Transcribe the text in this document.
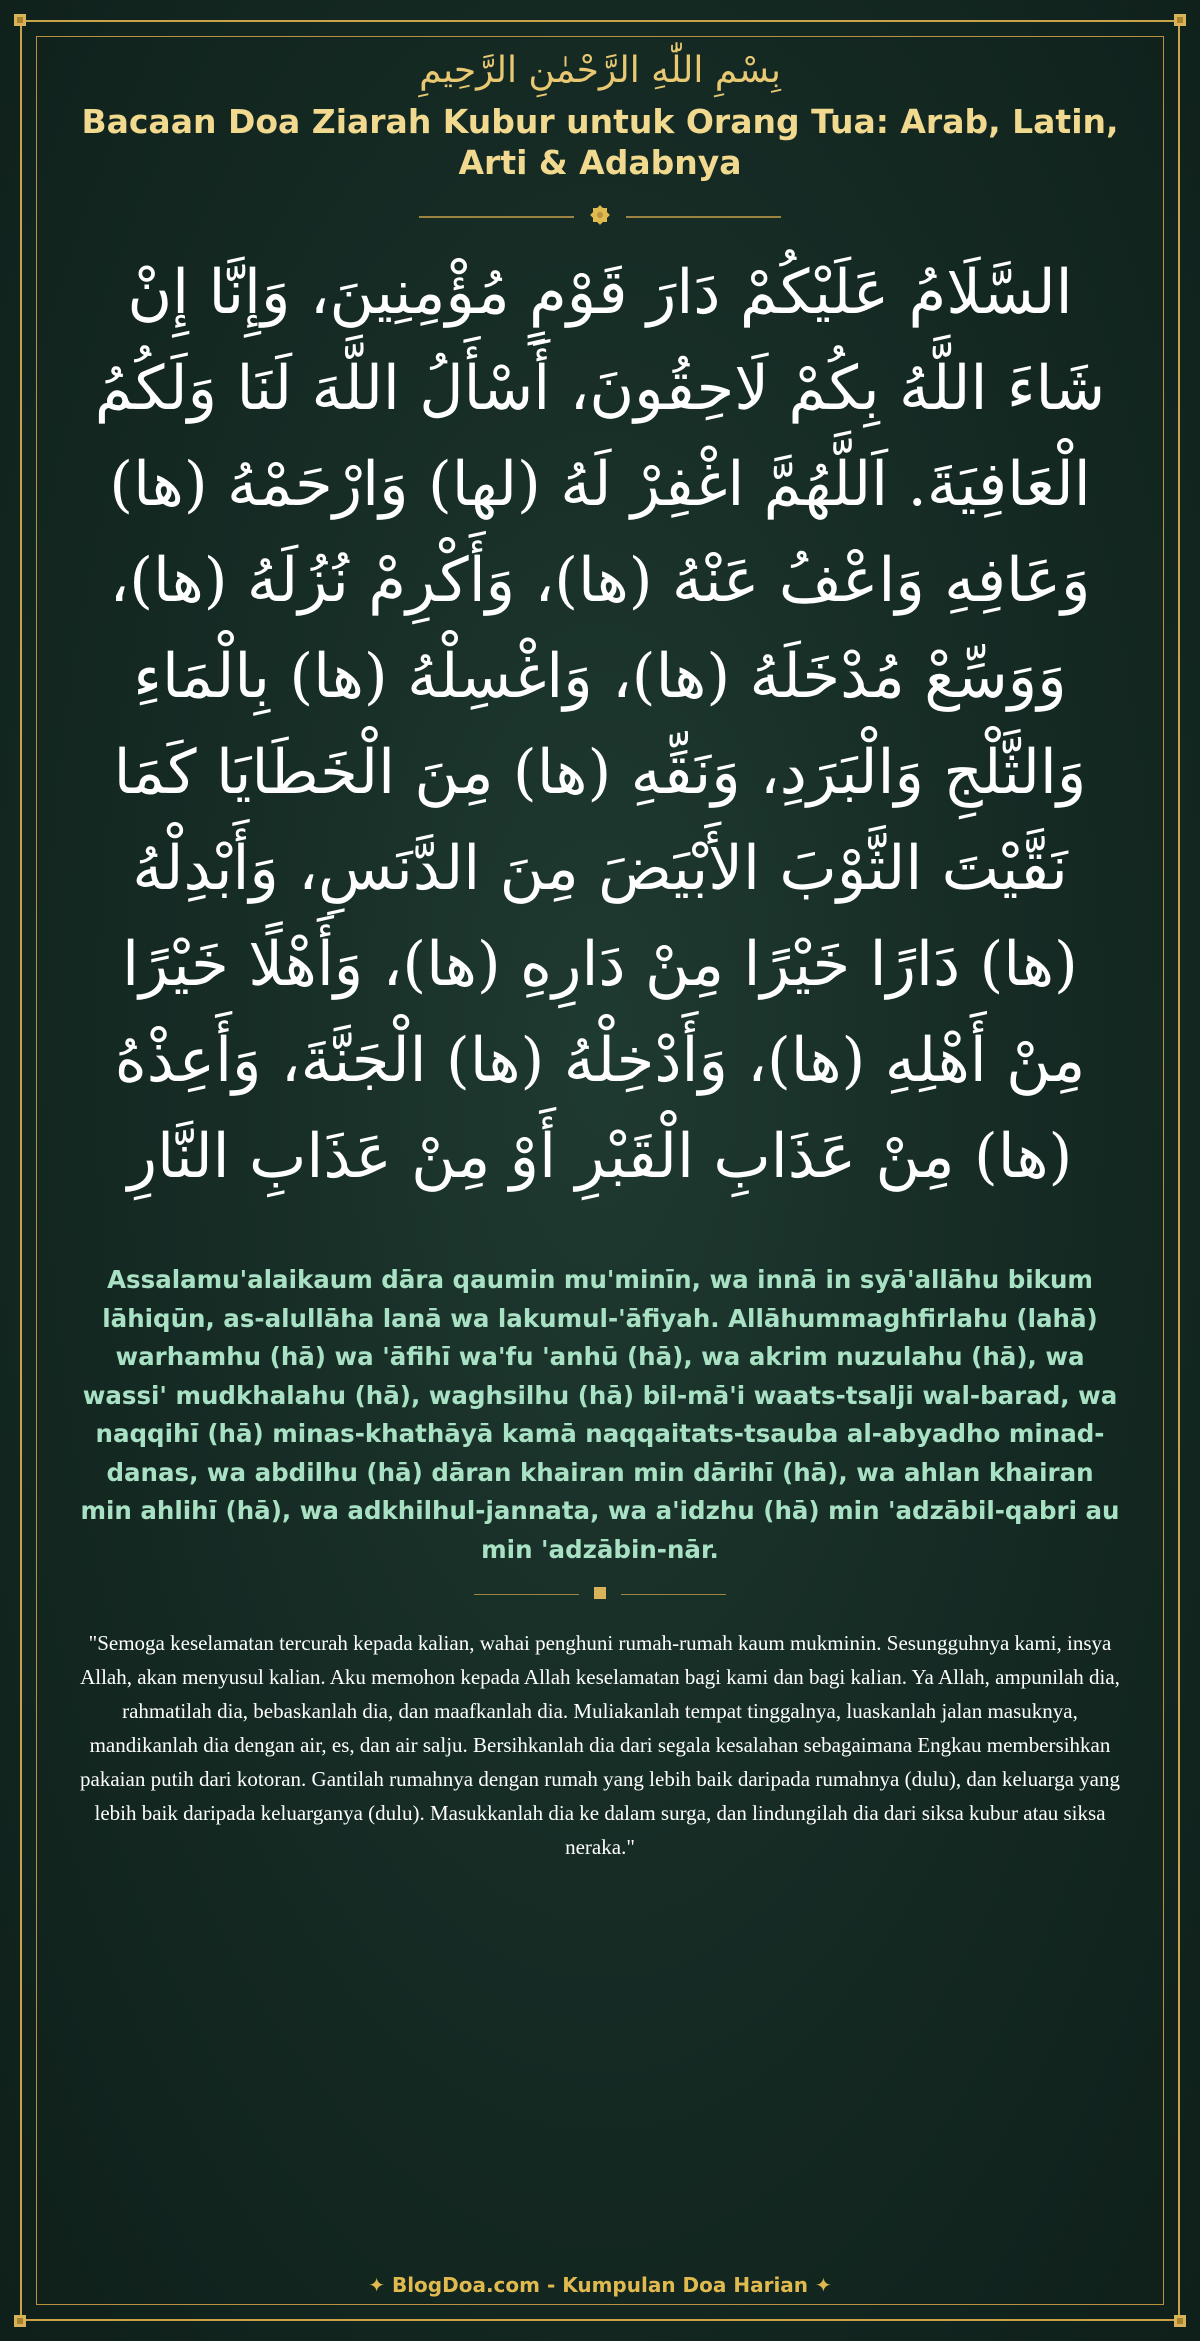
بِسْمِ اللّٰهِ الرَّحْمٰنِ الرَّحِيمِ
Bacaan Doa Ziarah Kubur untuk Orang Tua: Arab, Latin, Arti & Adabnya

السَّلَامُ عَلَيْكُمْ دَارَ قَوْمٍ مُؤْمِنِينَ، وَإِنَّا إِنْ شَاءَ اللَّهُ بِكُمْ لَاحِقُونَ، أَسْأَلُ اللَّهَ لَنَا وَلَكُمُ الْعَافِيَةَ. اَللَّهُمَّ اغْفِرْ لَهُ (لها) وَارْحَمْهُ (ها) وَعَافِهِ وَاعْفُ عَنْهُ (ها)، وَأَكْرِمْ نُزُلَهُ (ها)، وَوَسِّعْ مُدْخَلَهُ (ها)، وَاغْسِلْهُ (ها) بِالْمَاءِ وَالثَّلْجِ وَالْبَرَدِ، وَنَقِّهِ (ها) مِنَ الْخَطَايَا كَمَا نَقَّيْتَ الثَّوْبَ الأَبْيَضَ مِنَ الدَّنَسِ، وَأَبْدِلْهُ (ها) دَارًا خَيْرًا مِنْ دَارِهِ (ها)، وَأَهْلًا خَيْرًا مِنْ أَهْلِهِ (ها)، وَأَدْخِلْهُ (ها) الْجَنَّةَ، وَأَعِذْهُ (ها) مِنْ عَذَابِ الْقَبْرِ أَوْ مِنْ عَذَابِ النَّارِ

Assalamu'alaikaum dāra qaumin mu'minīn, wa innā in syā'allāhu bikum lāhiqūn, as-alullāha lanā wa lakumul-'āfiyah. Allāhummaghfirlahu (lahā) warhamhu (hā) wa 'āfihī wa'fu 'anhū (hā), wa akrim nuzulahu (hā), wa wassi' mudkhalahu (hā), waghsilhu (hā) bil-mā'i waats-tsalji wal-barad, wa naqqihī (hā) minas-khathāyā kamā naqqaitats-tsauba al-abyadho minad-danas, wa abdilhu (hā) dāran khairan min dārihī (hā), wa ahlan khairan min ahlihī (hā), wa adkhilhul-jannata, wa a'idzhu (hā) min 'adzābil-qabri au min 'adzābin-nār.

"Semoga keselamatan tercurah kepada kalian, wahai penghuni rumah-rumah kaum mukminin. Sesungguhnya kami, insya Allah, akan menyusul kalian. Aku memohon kepada Allah keselamatan bagi kami dan bagi kalian. Ya Allah, ampunilah dia, rahmatilah dia, bebaskanlah dia, dan maafkanlah dia. Muliakanlah tempat tinggalnya, luaskanlah jalan masuknya, mandikanlah dia dengan air, es, dan air salju. Bersihkanlah dia dari segala kesalahan sebagaimana Engkau membersihkan pakaian putih dari kotoran. Gantilah rumahnya dengan rumah yang lebih baik daripada rumahnya (dulu), dan keluarga yang lebih baik daripada keluarganya (dulu). Masukkanlah dia ke dalam surga, dan lindungilah dia dari siksa kubur atau siksa neraka."

✦ BlogDoa.com - Kumpulan Doa Harian ✦
